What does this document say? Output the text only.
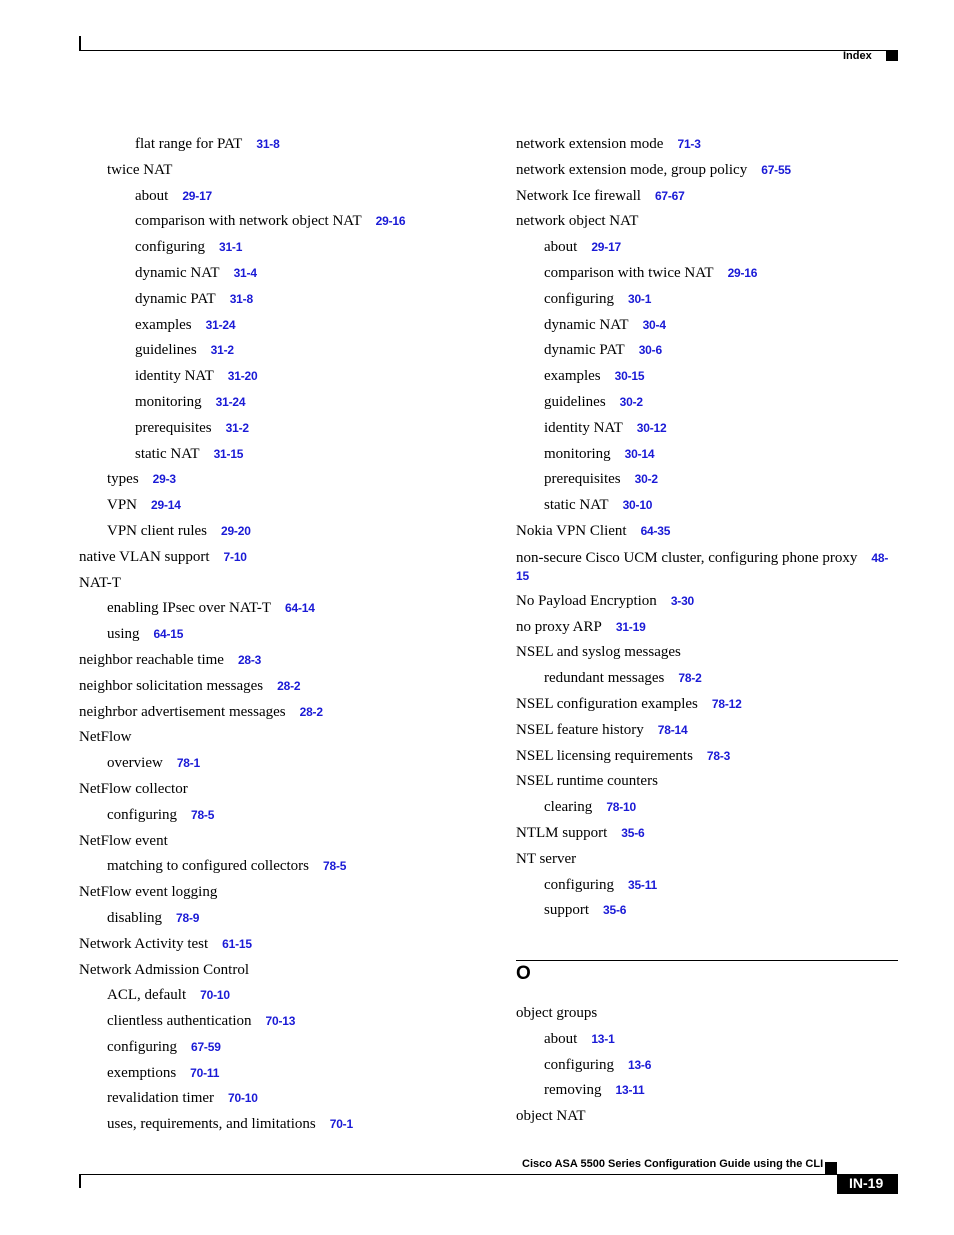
Index
flat range for PAT 31-8
twice NAT
about 29-17
comparison with network object NAT 29-16
configuring 31-1
dynamic NAT 31-4
dynamic PAT 31-8
examples 31-24
guidelines 31-2
identity NAT 31-20
monitoring 31-24
prerequisites 31-2
static NAT 31-15
types 29-3
VPN 29-14
VPN client rules 29-20
native VLAN support 7-10
NAT-T
enabling IPsec over NAT-T 64-14
using 64-15
neighbor reachable time 28-3
neighbor solicitation messages 28-2
neighrbor advertisement messages 28-2
NetFlow
overview 78-1
NetFlow collector
configuring 78-5
NetFlow event
matching to configured collectors 78-5
NetFlow event logging
disabling 78-9
Network Activity test 61-15
Network Admission Control
ACL, default 70-10
clientless authentication 70-13
configuring 67-59
exemptions 70-11
revalidation timer 70-10
uses, requirements, and limitations 70-1
network extension mode 71-3
network extension mode, group policy 67-55
Network Ice firewall 67-67
network object NAT
about 29-17
comparison with twice NAT 29-16
configuring 30-1
dynamic NAT 30-4
dynamic PAT 30-6
examples 30-15
guidelines 30-2
identity NAT 30-12
monitoring 30-14
prerequisites 30-2
static NAT 30-10
Nokia VPN Client 64-35
non-secure Cisco UCM cluster, configuring phone proxy 48-15
No Payload Encryption 3-30
no proxy ARP 31-19
NSEL and syslog messages
redundant messages 78-2
NSEL configuration examples 78-12
NSEL feature history 78-14
NSEL licensing requirements 78-3
NSEL runtime counters
clearing 78-10
NTLM support 35-6
NT server
configuring 35-11
support 35-6
O
object groups
about 13-1
configuring 13-6
removing 13-11
object NAT
Cisco ASA 5500 Series Configuration Guide using the CLI
IN-19
